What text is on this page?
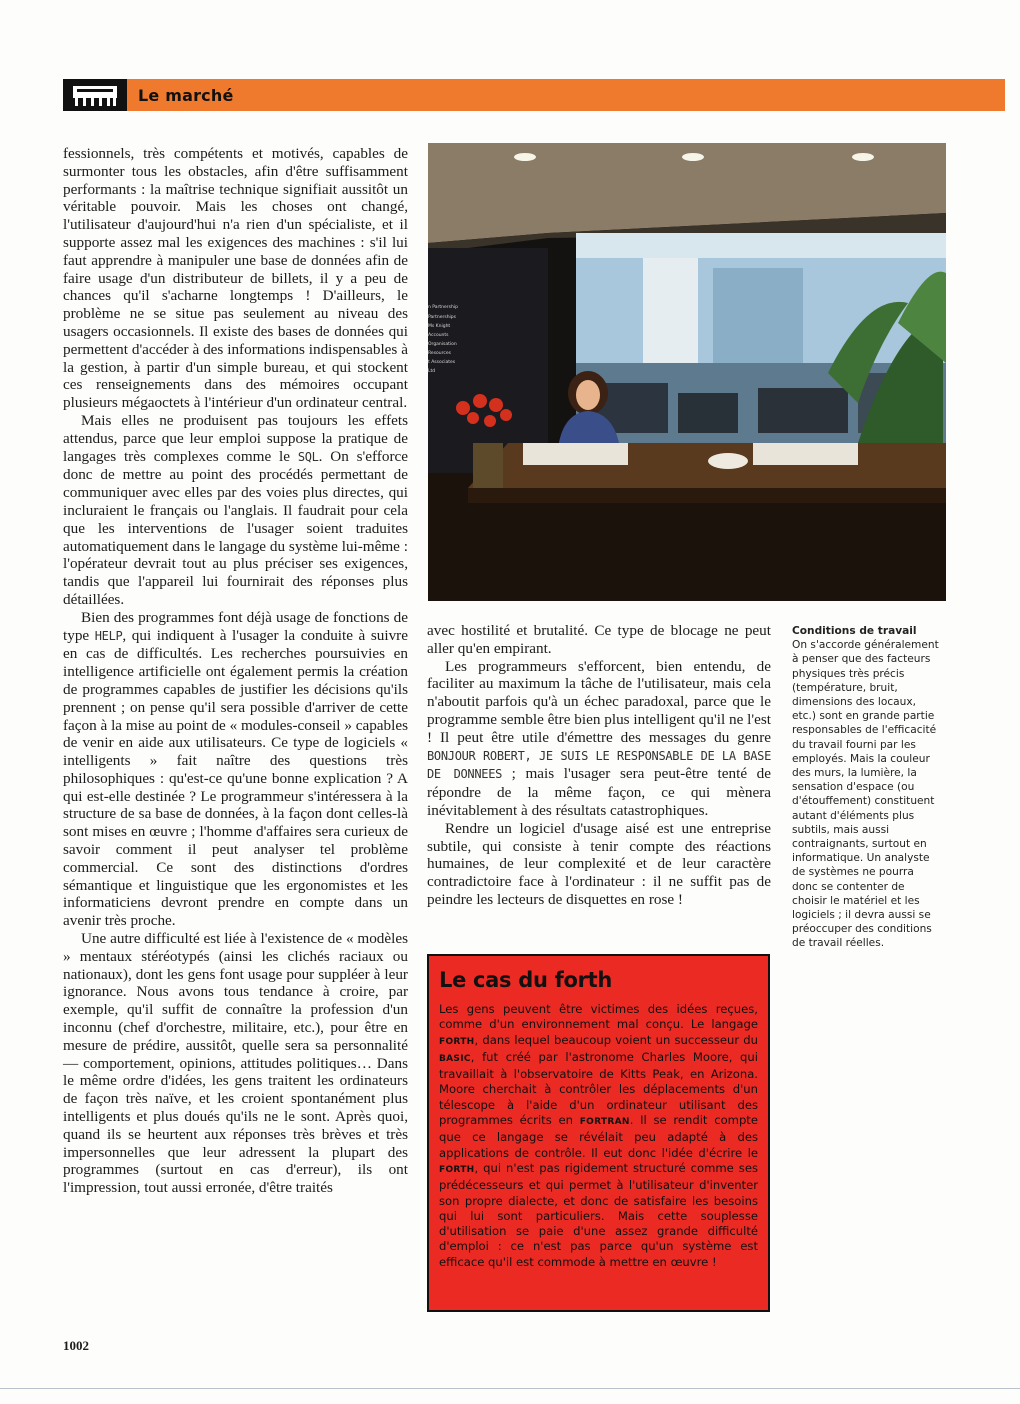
Le marché

fessionnels, très compétents et motivés, capables de surmonter tous les obstacles, afin d'être suffisamment performants : la maîtrise technique signifiait aussitôt un véritable pouvoir. Mais les choses ont changé, l'utilisateur d'aujourd'hui n'a rien d'un spécialiste, et il supporte assez mal les exigences des machines : s'il lui faut apprendre à manipuler une base de données afin de faire usage d'un distributeur de billets, il y a peu de chances qu'il s'acharne longtemps ! D'ailleurs, le problème ne se situe pas seulement au niveau des usagers occasionnels. Il existe des bases de données qui permettent d'accéder à des informations indispensables à la gestion, à partir d'un simple bureau, et qui stockent ces renseignements dans des mémoires occupant plusieurs mégaoctets à l'intérieur d'un ordinateur central.

Mais elles ne produisent pas toujours les effets attendus, parce que leur emploi suppose la pratique de langages très complexes comme le SQL. On s'efforce donc de mettre au point des procédés permettant de communiquer avec elles par des voies plus directes, qui incluraient le français ou l'anglais. Il faudrait pour cela que les interventions de l'usager soient traduites automatiquement dans le langage du système lui-même : l'opérateur devrait tout au plus préciser ses exigences, tandis que l'appareil lui fournirait des réponses plus détaillées.

Bien des programmes font déjà usage de fonctions de type HELP, qui indiquent à l'usager la conduite à suivre en cas de difficultés. Les recherches poursuivies en intelligence artificielle ont également permis la création de programmes capables de justifier les décisions qu'ils prennent ; on pense qu'il sera possible d'arriver de cette façon à la mise au point de « modules-conseil » capables de venir en aide aux utilisateurs. Ce type de logiciels « intelligents » fait naître des questions très philosophiques : qu'est-ce qu'une bonne explication ? A qui est-elle destinée ? Le programmeur s'intéressera à la structure de sa base de données, à la façon dont celles-là sont mises en œuvre ; l'homme d'affaires sera curieux de savoir comment il peut analyser tel problème commercial. Ce sont des distinctions d'ordres sémantique et linguistique que les ergonomistes et les informaticiens devront prendre en compte dans un avenir très proche.

Une autre difficulté est liée à l'existence de « modèles » mentaux stéréotypés (ainsi les clichés raciaux ou nationaux), dont les gens font usage pour suppléer à leur ignorance. Nous avons tous tendance à croire, par exemple, qu'il suffit de connaître la profession d'un inconnu (chef d'orchestre, militaire, etc.), pour être en mesure de prédire, aussitôt, quelle sera sa personnalité — comportement, opinions, attitudes politiques… Dans le même ordre d'idées, les gens traitent les ordinateurs de façon très naïve, et les croient spontanément plus intelligents et plus doués qu'ils ne le sont. Après quoi, quand ils se heurtent aux réponses très brèves et très impersonnelles que leur adressent la plupart des programmes (surtout en cas d'erreur), ils ont l'impression, tout aussi erronée, d'être traités

n Partnership
Partnerships
Ms Knight
Accounts
Organisation
Resources
t Associates
Ltd

avec hostilité et brutalité. Ce type de blocage ne peut aller qu'en empirant.

Les programmeurs s'efforcent, bien entendu, de faciliter au maximum la tâche de l'utilisateur, mais cela n'aboutit parfois qu'à un échec paradoxal, parce que le programme semble être bien plus intelligent qu'il ne l'est ! Il peut être utile d'émettre des messages du genre BONJOUR ROBERT, JE SUIS LE RESPONSABLE DE LA BASE DE DONNEES ; mais l'usager sera peut-être tenté de répondre de la même façon, ce qui mènera inévitablement à des résultats catastrophiques.

Rendre un logiciel d'usage aisé est une entreprise subtile, qui consiste à tenir compte des réactions humaines, de leur complexité et de leur caractère contradictoire face à l'ordinateur : il ne suffit pas de peindre les lecteurs de disquettes en rose !

Conditions de travail
On s'accorde généralement à penser que des facteurs physiques très précis (température, bruit, dimensions des locaux, etc.) sont en grande partie responsables de l'efficacité du travail fourni par les employés. Mais la couleur des murs, la lumière, la sensation d'espace (ou d'étouffement) constituent autant d'éléments plus subtils, mais aussi contraignants, surtout en informatique. Un analyste de systèmes ne pourra donc se contenter de choisir le matériel et les logiciels ; il devra aussi se préoccuper des conditions de travail réelles.
Le cas du forth
Les gens peuvent être victimes des idées reçues, comme d'un environnement mal conçu. Le langage FORTH, dans lequel beaucoup voient un successeur du BASIC, fut créé par l'astronome Charles Moore, qui travaillait à l'observatoire de Kitts Peak, en Arizona. Moore cherchait à contrôler les déplacements d'un télescope à l'aide d'un ordinateur utilisant des programmes écrits en FORTRAN. Il se rendit compte que ce langage se révélait peu adapté à des applications de contrôle. Il eut donc l'idée d'écrire le FORTH, qui n'est pas rigidement structuré comme ses prédécesseurs et qui permet à l'utilisateur d'inventer son propre dialecte, et donc de satisfaire les besoins qui lui sont particuliers. Mais cette souplesse d'utilisation se paie d'une assez grande difficulté d'emploi : ce n'est pas parce qu'un système est efficace qu'il est commode à mettre en œuvre !
1002
